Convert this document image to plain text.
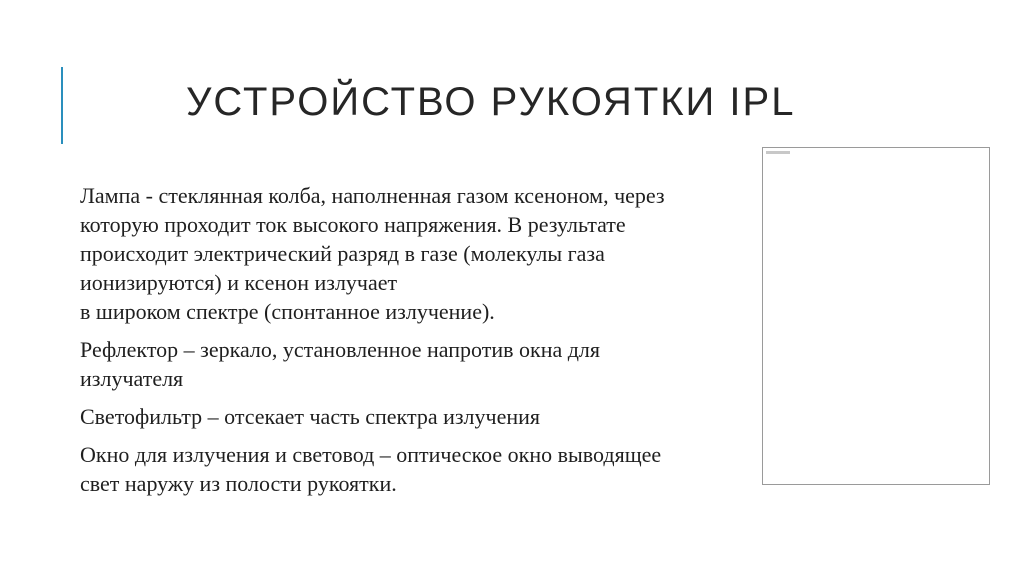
УСТРОЙСТВО РУКОЯТКИ IPL

Лампа - стеклянная колба, наполненная газом ксеноном, через
которую проходит ток высокого напряжения. В результате
происходит электрический разряд в газе (молекулы газа
ионизируются) и ксенон излучает
в широком спектре (спонтанное излучение).

Рефлектор – зеркало, установленное напротив окна для
излучателя

Светофильтр – отсекает часть спектра излучения

Окно для излучения и световод – оптическое окно выводящее
свет наружу из полости рукоятки.
